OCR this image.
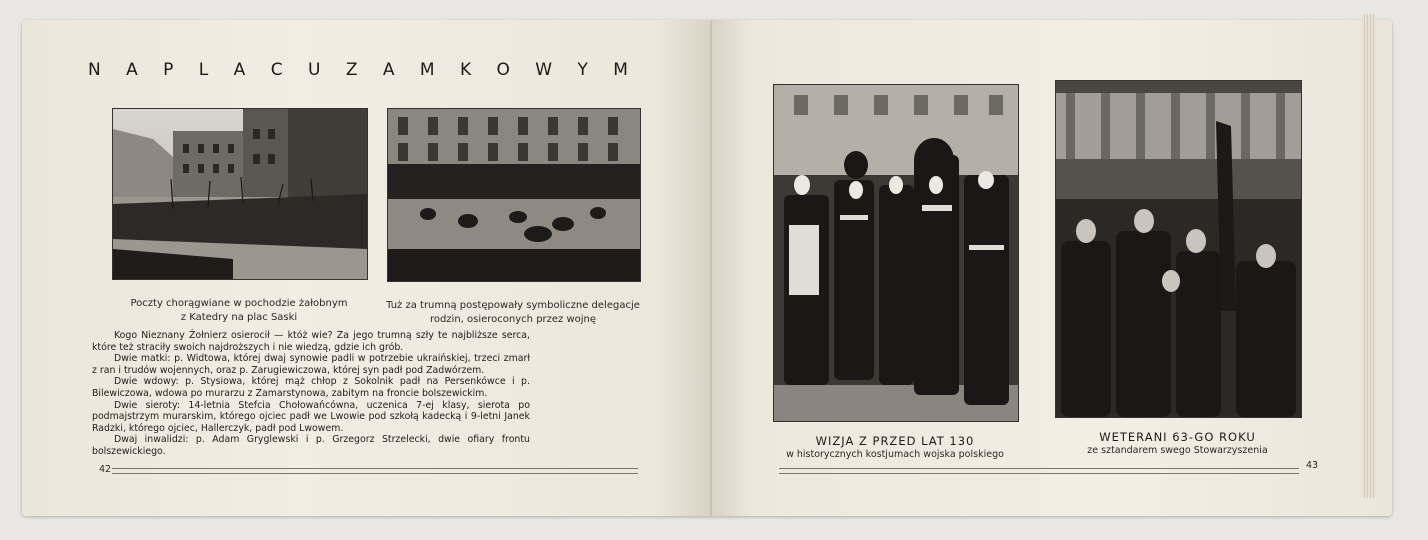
N A P L A C U Z A M K O W Y M
Poczty chorągwiane w pochodzie żałobnym
z Katedry na plac Saski
Tuż za trumną postępowały symboliczne delegacje
rodzin, osieroconych przez wojnę

Kogo Nieznany Żołnierz osierocił — któż wie? Za jego trumną szły te najbliższe serca, które też straciły swoich najdroższych i nie wiedzą, gdzie ich grób.

Dwie matki: p. Widtowa, której dwaj synowie padli w potrzebie ukraińskiej, trzeci zmarł z ran i trudów wojennych, oraz p. Zarugiewiczowa, której syn padł pod Zadwórzem.

Dwie wdowy: p. Stysiowa, której mąż chłop z Sokolnik padł na Persenkówce i p. Bilewiczowa, wdowa po murarzu z Zamarstynowa, zabitym na froncie bolszewickim.

Dwie sieroty: 14-letnia Stefcia Chołowańcówna, uczenica 7-ej klasy, sierota po podmajstrzym murarskim, którego ojciec padł we Lwowie pod szkołą kadecką i 9-letni Janek Radzki, którego ojciec, Hallerczyk, padł pod Lwowem.

Dwaj inwalidzi: p. Adam Gryglewski i p. Grzegorz Strzelecki, dwie ofiary frontu bolszewickiego.

42
WIZJA Z PRZED LAT 130
w historycznych kostjumach wojska polskiego
WETERANI 63-GO ROKU
ze sztandarem swego Stowarzyszenia
43
